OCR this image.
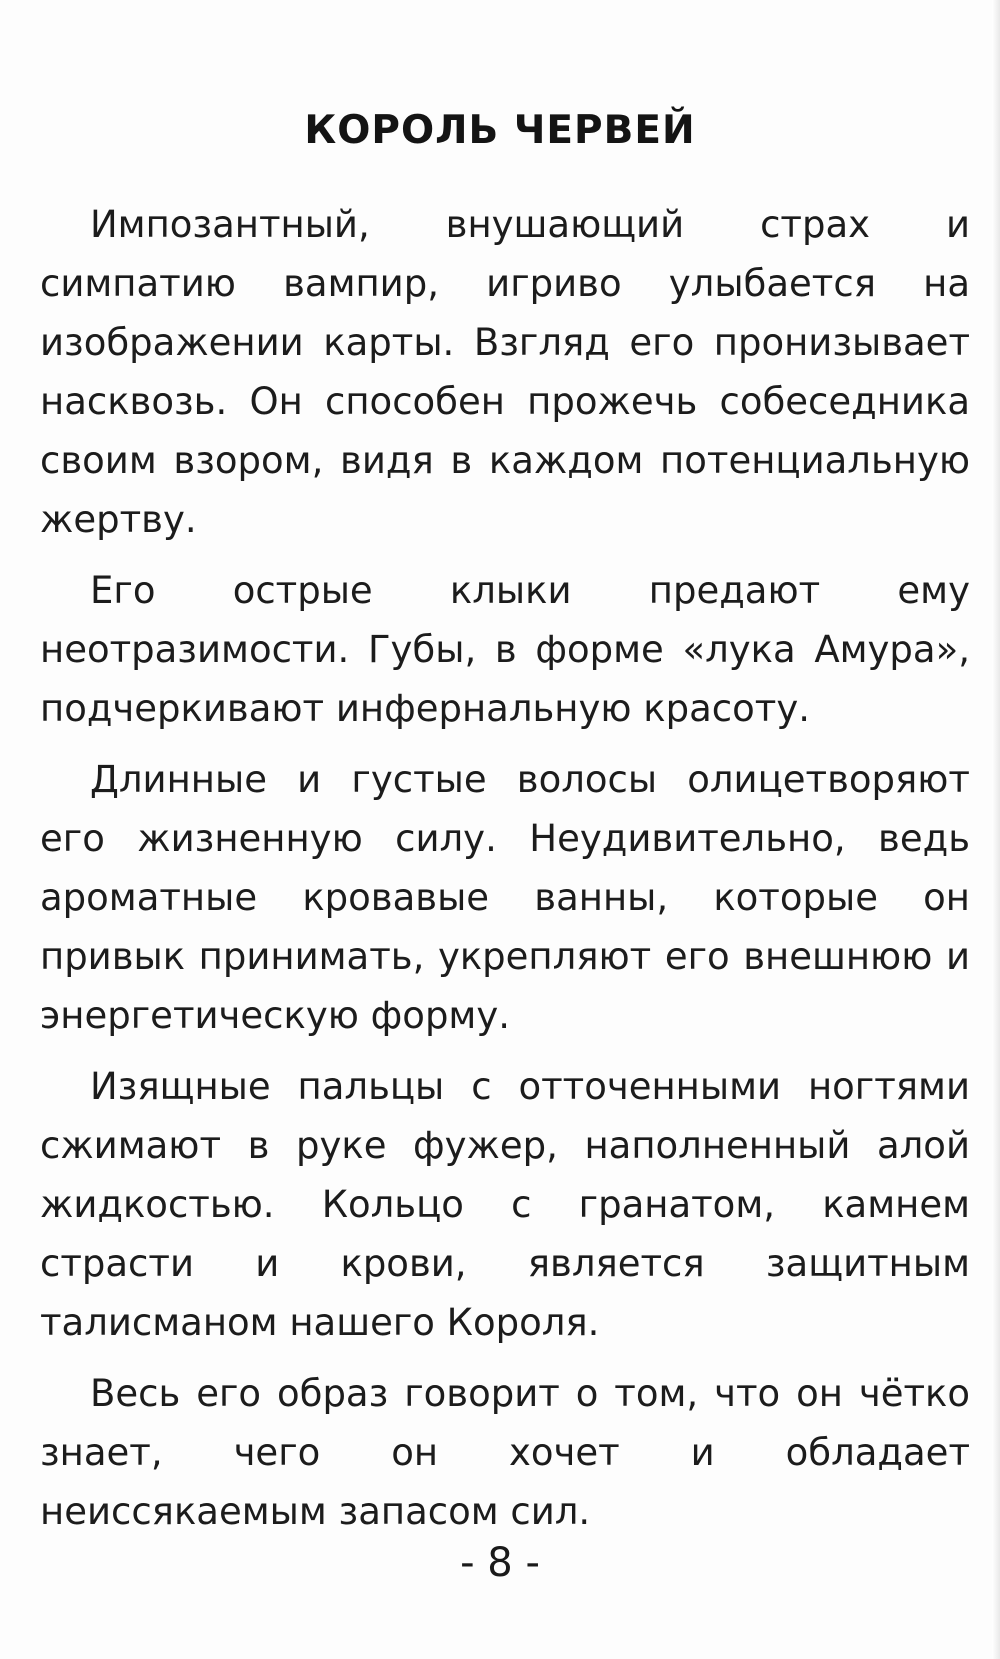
КОРОЛЬ ЧЕРВЕЙ

Импозантный, внушающий страх и симпатию вампир, игриво улыбается на изображении карты. Взгляд его пронизывает насквозь. Он способен прожечь собеседника своим взором, видя в каждом потенциальную жертву.

Его острые клыки предают ему неотразимости. Губы, в форме «лука Амура», подчеркивают инфернальную красоту.

Длинные и густые волосы олицетворяют его жизненную силу. Неудивительно, ведь ароматные кровавые ванны, которые он привык принимать, укрепляют его внешнюю и энергетическую форму.

Изящные пальцы с отточенными ногтями сжимают в руке фужер, наполненный алой жидкостью. Кольцо с гранатом, камнем страсти и крови, является защитным талисманом нашего Короля.

Весь его образ говорит о том, что он чётко знает, чего он хочет и обладает неиссякаемым запасом сил.

- 8 -
